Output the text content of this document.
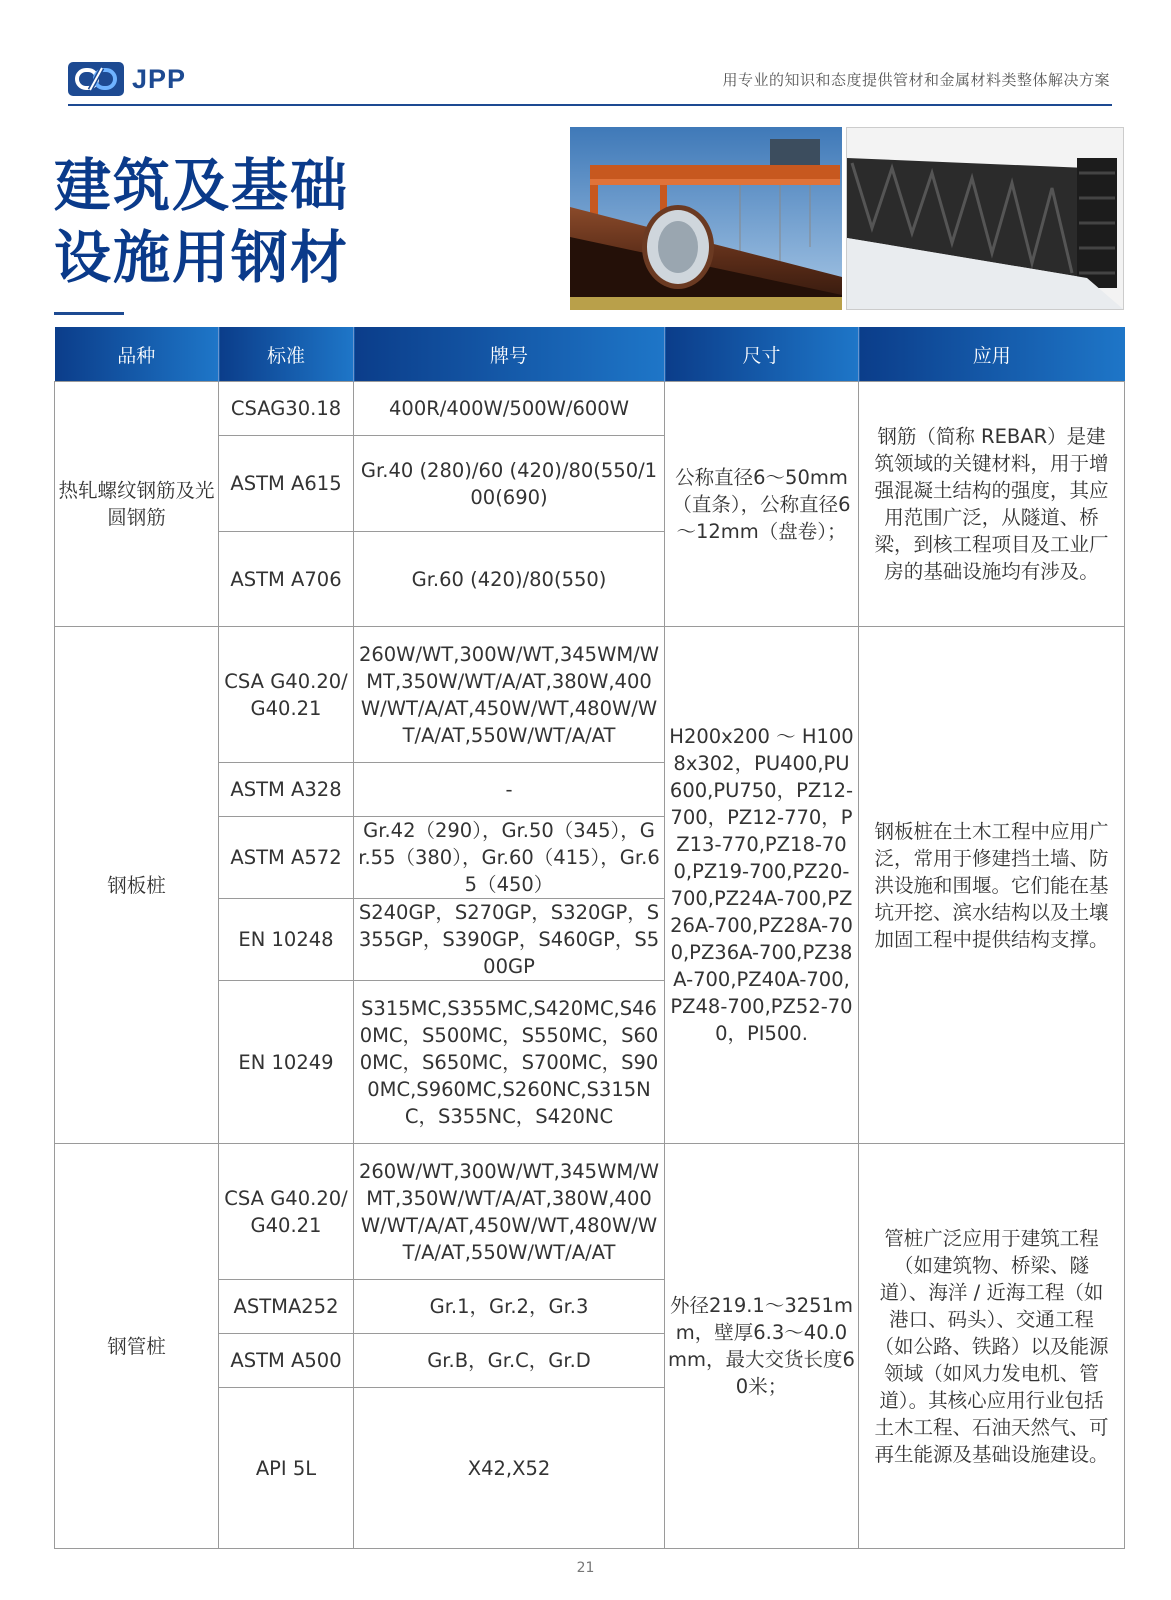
JPP	用专业的知识和态度提供管材和金属材料类整体解决方案
建筑及基础
设施用钢材
品种	标准	牌号	尺寸	应用
热轧螺纹钢筋及光圆钢筋	CSAG30.18	400R/400W/500W/600W	公称直径6～50mm（直条），公称直径6～12mm（盘卷）；	钢筋（简称 REBAR）是建筑领域的关键材料，用于增强混凝土结构的强度，其应用范围广泛，从隧道、桥梁，到核工程项目及工业厂房的基础设施均有涉及。
	ASTM A615	Gr.40 (280)/60 (420)/80(550/100(690)		
	ASTM A706	Gr.60 (420)/80(550)		
钢板桩	CSA G40.20/ G40.21	260W/WT,300W/WT,345WM/WMT,350W/WT/A/AT,380W,400W/WT/A/AT,450W/WT,480W/WT/A/AT,550W/WT/A/AT	H200x200 ～ H1008x302，PU400,PU600,PU750，PZ12-700，PZ12-770，PZ13-770,PZ18-700,PZ19-700,PZ20-700,PZ24A-700,PZ26A-700,PZ28A-700,PZ36A-700,PZ38A-700,PZ40A-700,PZ48-700,PZ52-700，PI500.	钢板桩在土木工程中应用广泛，常用于修建挡土墙、防洪设施和围堰。它们能在基坑开挖、滨水结构以及土壤加固工程中提供结构支撑。
	ASTM A328	-		
	ASTM A572	Gr.42（290），Gr.50（345），Gr.55（380），Gr.60（415），Gr.65（450）		
	EN 10248	S240GP，S270GP，S320GP，S355GP，S390GP，S460GP，S500GP		
	EN 10249	S315MC,S355MC,S420MC,S460MC，S500MC，S550MC，S600MC，S650MC，S700MC，S900MC,S960MC,S260NC,S315NC，S355NC，S420NC		
钢管桩	CSA G40.20/ G40.21	260W/WT,300W/WT,345WM/WMT,350W/WT/A/AT,380W,400W/WT/A/AT,450W/WT,480W/WT/A/AT,550W/WT/A/AT	外径219.1～3251mm，壁厚6.3～40.0mm，最大交货长度60米；	管桩广泛应用于建筑工程（如建筑物、桥梁、隧道）、海洋 / 近海工程（如港口、码头）、交通工程（如公路、铁路）以及能源领域（如风力发电机、管道）。其核心应用行业包括土木工程、石油天然气、可再生能源及基础设施建设。
	ASTMA252	Gr.1，Gr.2，Gr.3		
	ASTM A500	Gr.B，Gr.C，Gr.D		
	API 5L	X42,X52		
21
